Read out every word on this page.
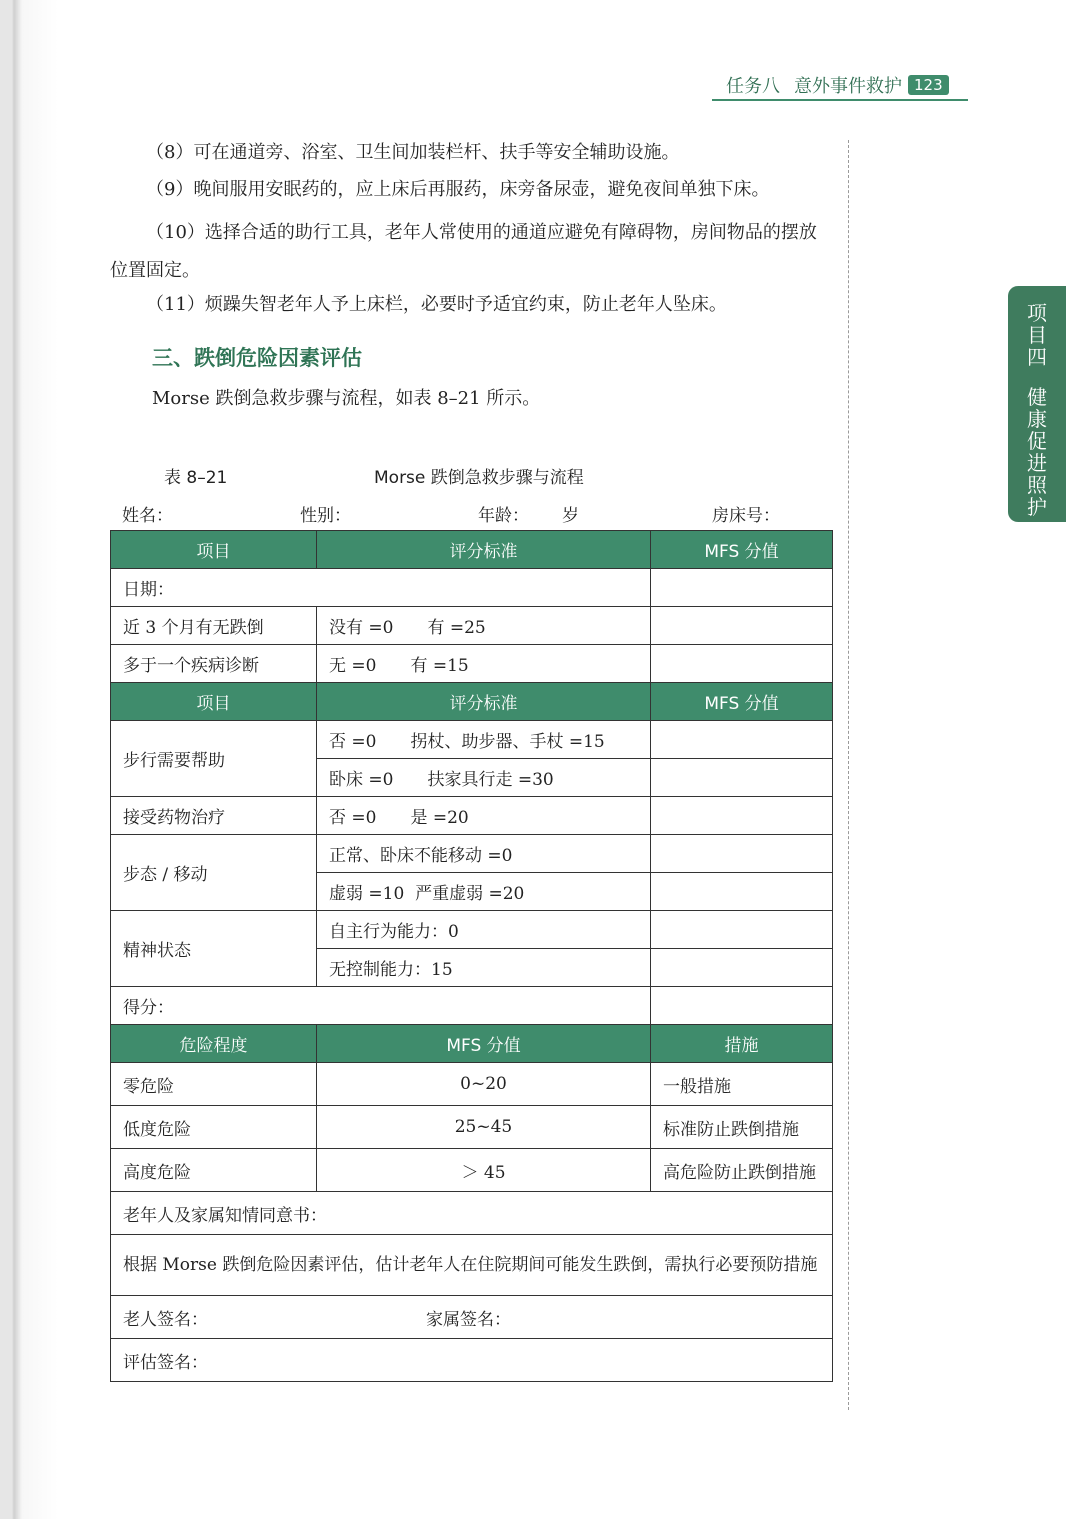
任务八 意外事件救护 123
项
目
四
健
康
促
进
照
护

（8）可在通道旁、浴室、卫生间加装栏杆、扶手等安全辅助设施。

（9）晚间服用安眠药的，应上床后再服药，床旁备尿壶，避免夜间单独下床。

（10）选择合适的助行工具，老年人常使用的通道应避免有障碍物，房间物品的摆放位置固定。

（11）烦躁失智老年人予上床栏，必要时予适宜约束，防止老年人坠床。

三、跌倒危险因素评估

Morse 跌倒急救步骤与流程，如表 8–21 所示。

表 8–21	Morse 跌倒急救步骤与流程
姓名：	性别：	年龄： 岁	房床号：
项目	评分标准	MFS 分值
日期：		
近 3 个月有无跌倒	没有 =0 有 =25	
多于一个疾病诊断	无 =0 有 =15	
项目	评分标准	MFS 分值
步行需要帮助	否 =0 拐杖、助步器、手杖 =15	
	卧床 =0 扶家具行走 =30	
接受药物治疗	否 =0 是 =20	
步态 / 移动	正常、卧床不能移动 =0	
	虚弱 =10 严重虚弱 =20	
精神状态	自主行为能力：0	
	无控制能力：15	
得分：		
危险程度	MFS 分值	措施
零危险	0~20	一般措施
低度危险	25~45	标准防止跌倒措施
高度危险	＞ 45	高危险防止跌倒措施
老年人及家属知情同意书：		
根据 Morse 跌倒危险因素评估，估计老年人在住院期间可能发生跌倒，需执行必要预防措施		
老人签名： 家属签名：		
评估签名：		
